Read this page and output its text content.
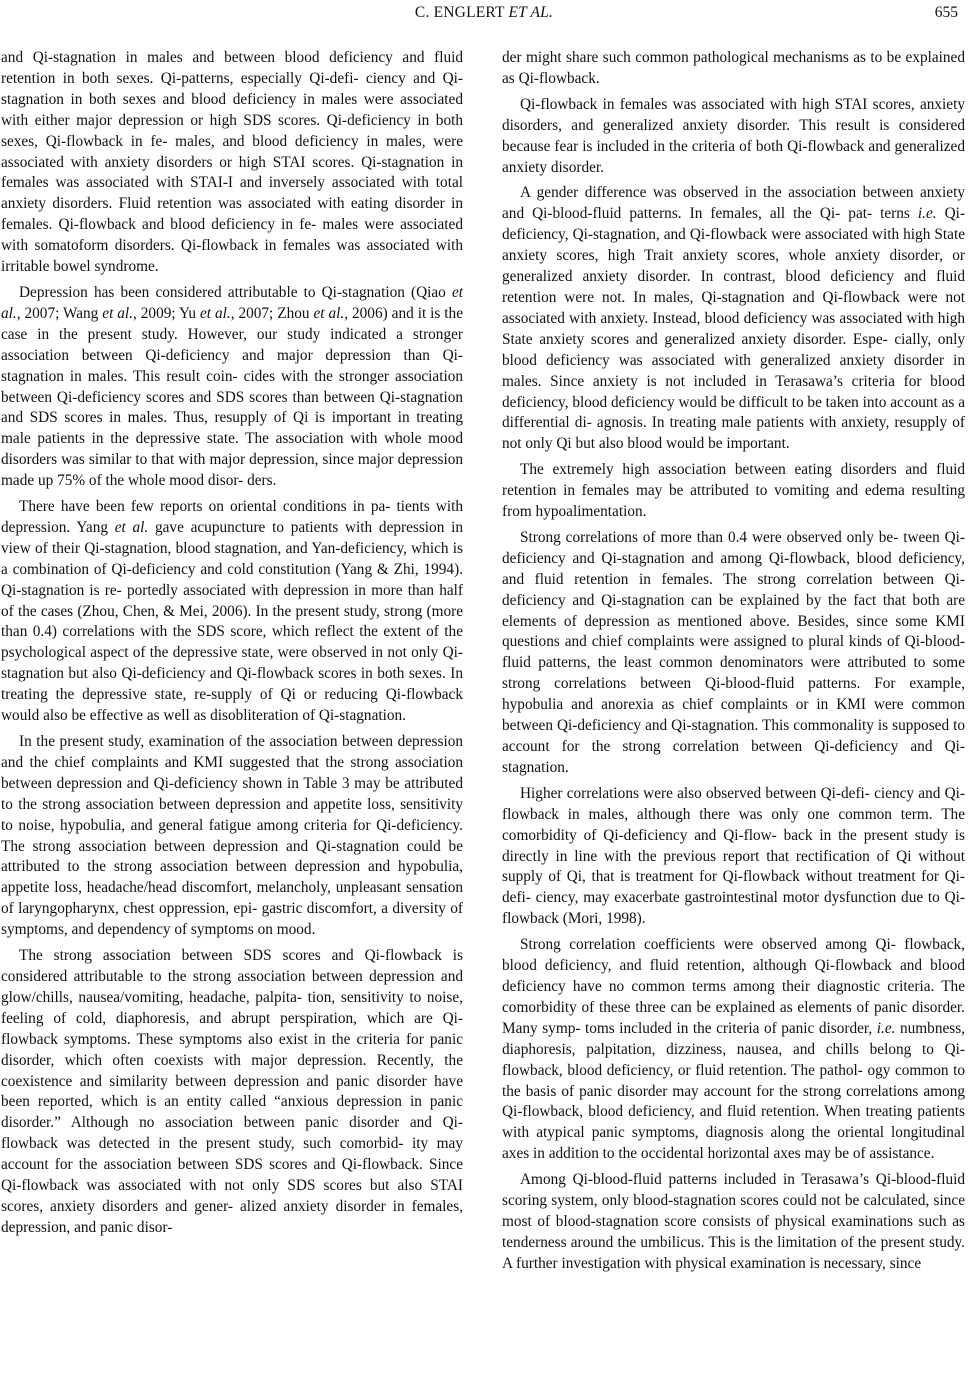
C. ENGLERT ET AL.	655

and Qi-stagnation in males and between blood deficiency and fluid retention in both sexes. Qi-patterns, especially Qi-defi- ciency and Qi-stagnation in both sexes and blood deficiency in males were associated with either major depression or high SDS scores. Qi-deficiency in both sexes, Qi-flowback in fe- males, and blood deficiency in males, were associated with anxiety disorders or high STAI scores. Qi-stagnation in females was associated with STAI-I and inversely associated with total anxiety disorders. Fluid retention was associated with eating disorder in females. Qi-flowback and blood deficiency in fe- males were associated with somatoform disorders. Qi-flowback in females was associated with irritable bowel syndrome.

Depression has been considered attributable to Qi-stagnation (Qiao et al., 2007; Wang et al., 2009; Yu et al., 2007; Zhou et al., 2006) and it is the case in the present study. However, our study indicated a stronger association between Qi-deficiency and major depression than Qi-stagnation in males. This result coin- cides with the stronger association between Qi-deficiency scores and SDS scores than between Qi-stagnation and SDS scores in males. Thus, resupply of Qi is important in treating male patients in the depressive state. The association with whole mood disorders was similar to that with major depression, since major depression made up 75% of the whole mood disor- ders.

There have been few reports on oriental conditions in pa- tients with depression. Yang et al. gave acupuncture to patients with depression in view of their Qi-stagnation, blood stagnation, and Yan-deficiency, which is a combination of Qi-deficiency and cold constitution (Yang & Zhi, 1994). Qi-stagnation is re- portedly associated with depression in more than half of the cases (Zhou, Chen, & Mei, 2006). In the present study, strong (more than 0.4) correlations with the SDS score, which reflect the extent of the psychological aspect of the depressive state, were observed in not only Qi-stagnation but also Qi-deficiency and Qi-flowback scores in both sexes. In treating the depressive state, re-supply of Qi or reducing Qi-flowback would also be effective as well as disobliteration of Qi-stagnation.

In the present study, examination of the association between depression and the chief complaints and KMI suggested that the strong association between depression and Qi-deficiency shown in Table 3 may be attributed to the strong association between depression and appetite loss, sensitivity to noise, hypobulia, and general fatigue among criteria for Qi-deficiency. The strong association between depression and Qi-stagnation could be attributed to the strong association between depression and hypobulia, appetite loss, headache/head discomfort, melancholy, unpleasant sensation of laryngopharynx, chest oppression, epi- gastric discomfort, a diversity of symptoms, and dependency of symptoms on mood.

The strong association between SDS scores and Qi-flowback is considered attributable to the strong association between depression and glow/chills, nausea/vomiting, headache, palpita- tion, sensitivity to noise, feeling of cold, diaphoresis, and abrupt perspiration, which are Qi-flowback symptoms. These symptoms also exist in the criteria for panic disorder, which often coexists with major depression. Recently, the coexistence and similarity between depression and panic disorder have been reported, which is an entity called “anxious depression in panic disorder.” Although no association between panic disorder and Qi-flowback was detected in the present study, such comorbid- ity may account for the association between SDS scores and Qi-flowback. Since Qi-flowback was associated with not only SDS scores but also STAI scores, anxiety disorders and gener- alized anxiety disorder in females, depression, and panic disor-

der might share such common pathological mechanisms as to be explained as Qi-flowback.

Qi-flowback in females was associated with high STAI scores, anxiety disorders, and generalized anxiety disorder. This result is considered because fear is included in the criteria of both Qi-flowback and generalized anxiety disorder.

A gender difference was observed in the association between anxiety and Qi-blood-fluid patterns. In females, all the Qi- pat- terns i.e. Qi-deficiency, Qi-stagnation, and Qi-flowback were associated with high State anxiety scores, high Trait anxiety scores, whole anxiety disorder, or generalized anxiety disorder. In contrast, blood deficiency and fluid retention were not. In males, Qi-stagnation and Qi-flowback were not associated with anxiety. Instead, blood deficiency was associated with high State anxiety scores and generalized anxiety disorder. Espe- cially, only blood deficiency was associated with generalized anxiety disorder in males. Since anxiety is not included in Terasawa’s criteria for blood deficiency, blood deficiency would be difficult to be taken into account as a differential di- agnosis. In treating male patients with anxiety, resupply of not only Qi but also blood would be important.

The extremely high association between eating disorders and fluid retention in females may be attributed to vomiting and edema resulting from hypoalimentation.

Strong correlations of more than 0.4 were observed only be- tween Qi-deficiency and Qi-stagnation and among Qi-flowback, blood deficiency, and fluid retention in females. The strong correlation between Qi-deficiency and Qi-stagnation can be explained by the fact that both are elements of depression as mentioned above. Besides, since some KMI questions and chief complaints were assigned to plural kinds of Qi-blood-fluid patterns, the least common denominators were attributed to some strong correlations between Qi-blood-fluid patterns. For example, hypobulia and anorexia as chief complaints or in KMI were common between Qi-deficiency and Qi-stagnation. This commonality is supposed to account for the strong correlation between Qi-deficiency and Qi-stagnation.

Higher correlations were also observed between Qi-defi- ciency and Qi-flowback in males, although there was only one common term. The comorbidity of Qi-deficiency and Qi-flow- back in the present study is directly in line with the previous report that rectification of Qi without supply of Qi, that is treatment for Qi-flowback without treatment for Qi-defi- ciency, may exacerbate gastrointestinal motor dysfunction due to Qi-flowback (Mori, 1998).

Strong correlation coefficients were observed among Qi- flowback, blood deficiency, and fluid retention, although Qi-flowback and blood deficiency have no common terms among their diagnostic criteria. The comorbidity of these three can be explained as elements of panic disorder. Many symp- toms included in the criteria of panic disorder, i.e. numbness, diaphoresis, palpitation, dizziness, nausea, and chills belong to Qi-flowback, blood deficiency, or fluid retention. The pathol- ogy common to the basis of panic disorder may account for the strong correlations among Qi-flowback, blood deficiency, and fluid retention. When treating patients with atypical panic symptoms, diagnosis along the oriental longitudinal axes in addition to the occidental horizontal axes may be of assistance.

Among Qi-blood-fluid patterns included in Terasawa’s Qi-blood-fluid scoring system, only blood-stagnation scores could not be calculated, since most of blood-stagnation score consists of physical examinations such as tenderness around the umbilicus. This is the limitation of the present study. A further investigation with physical examination is necessary, since
